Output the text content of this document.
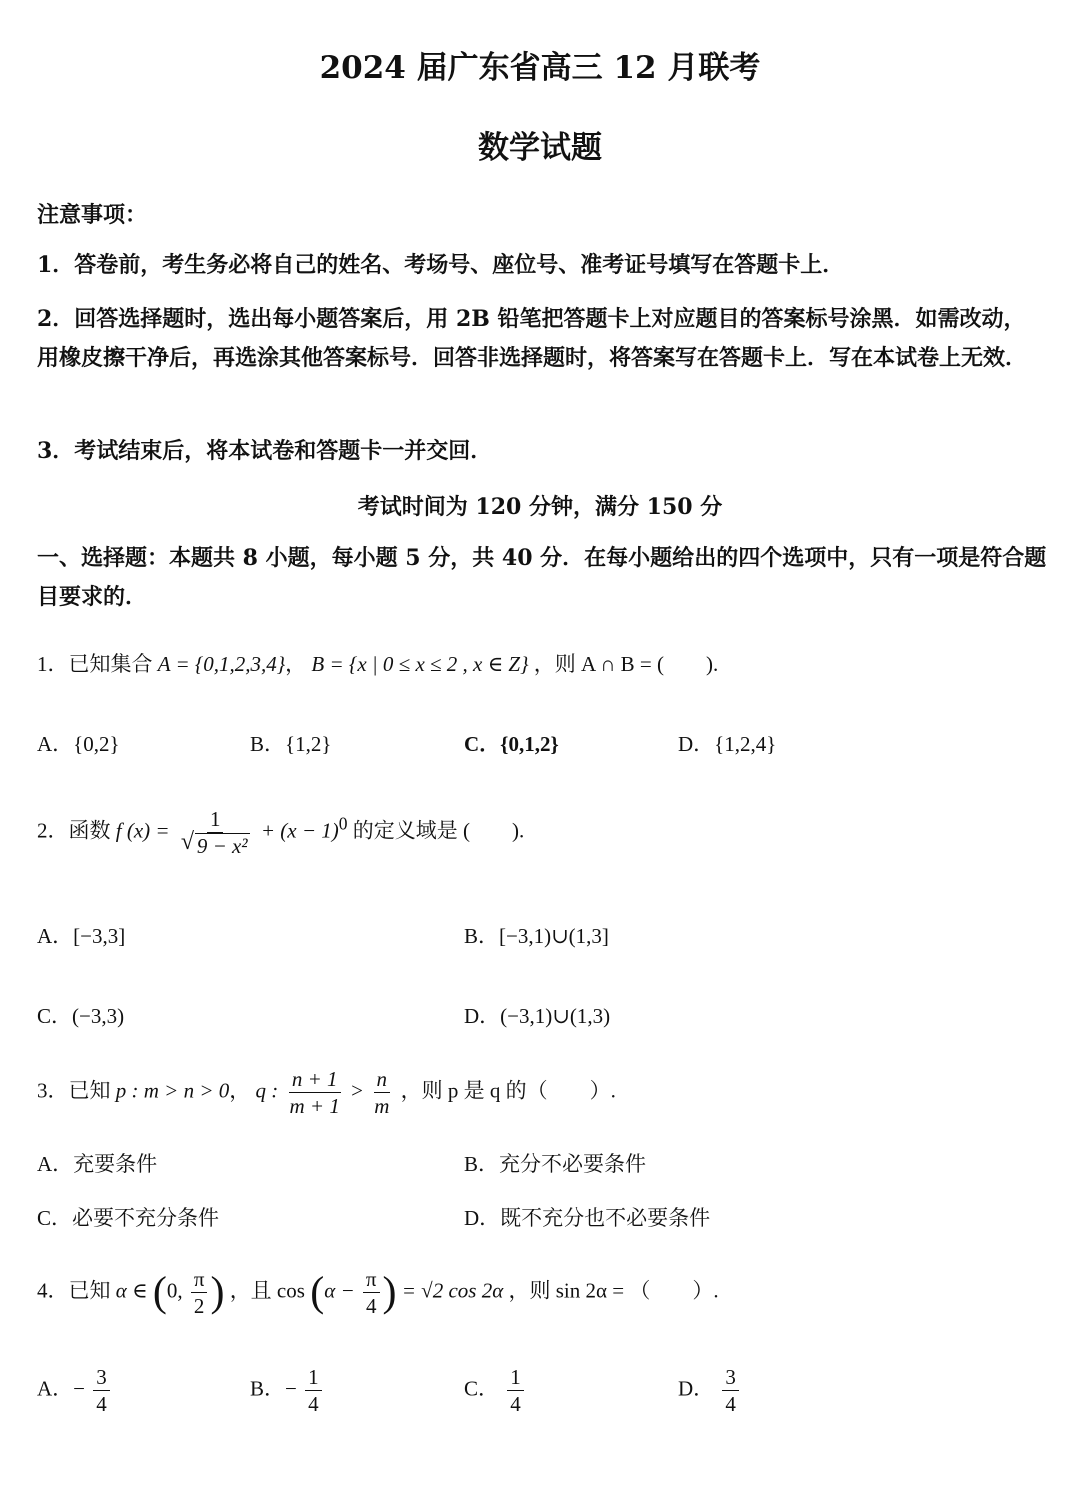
2024 届广东省高三 12 月联考
数学试题
注意事项：
1．答卷前，考生务必将自己的姓名、考场号、座位号、准考证号填写在答题卡上．
2．回答选择题时，选出每小题答案后，用 2B 铅笔把答题卡上对应题目的答案标号涂黑．如需改动，用橡皮擦干净后，再选涂其他答案标号．回答非选择题时，将答案写在答题卡上．写在本试卷上无效．
3．考试结束后，将本试卷和答题卡一并交回．
考试时间为 120 分钟，满分 150 分
一、选择题：本题共 8 小题，每小题 5 分，共 40 分．在每小题给出的四个选项中，只有一项是符合题目要求的．
1．已知集合 A = {0,1,2,3,4}， B = {x | 0 ≤ x ≤ 2 , x ∈ Z} ，则 A ∩ B = (　　).
A．{0,2}	B．{1,2}	C．{0,1,2}	D．{1,2,4}
2．函数 f $(x) = \frac{1}{\text{√ 9 − x²}} + (x - 1)^0$ 的定义域是 (　　).
A．[−3,3]	B．[−3,1)∪(1,3]
C．(−3,3)	D．(−3,1)∪(1,3)
3．已知 p : m > n > 0， q : $\frac{n + 1}{m + 1} > \frac{n}{m}$ ，则 p 是 q 的（　　）.
A．充要条件	B．充分不必要条件
C．必要不充分条件	D．既不充分也不必要条件
4．已知 α ∈ (0, $\frac{\pi}{2}$ ) ，且 $\cos (\alpha - \frac{\pi}{4}$ ) = √2 cos 2α ，则 sin 2α = （　　）.
A．− $\frac{3}{4}$	B．− $\frac{1}{4}$	C． $\frac{1}{4}$	D． $\frac{3}{4}$
